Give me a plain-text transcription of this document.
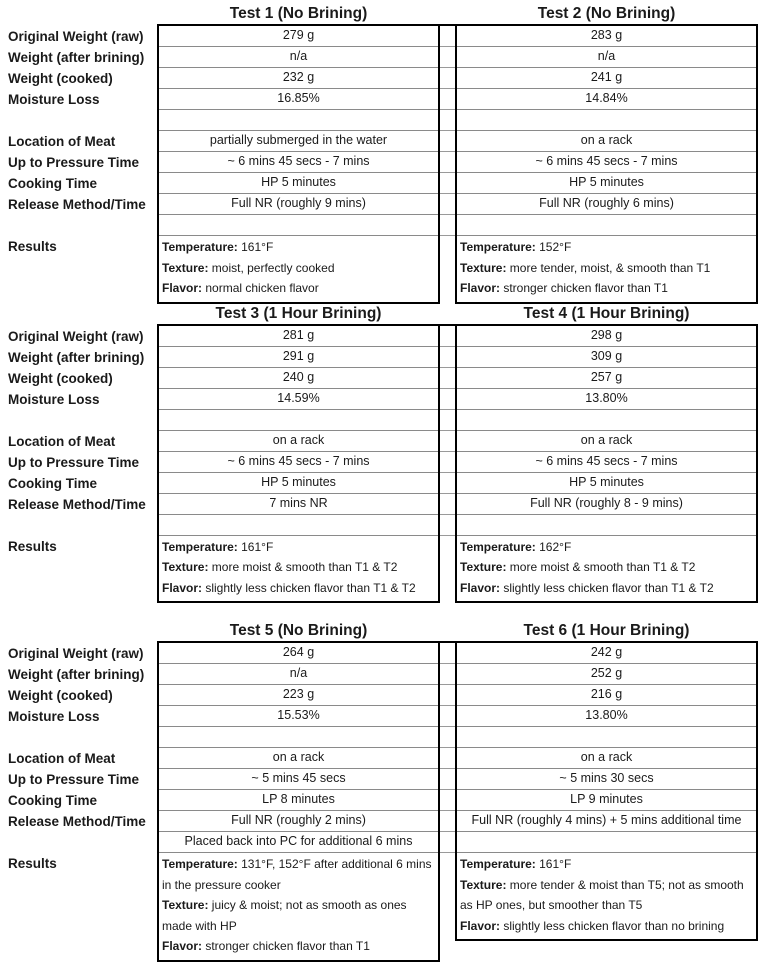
Original Weight (raw)
Weight (after brining)
Weight (cooked)
Moisture Loss
Location of Meat
Up to Pressure Time
Cooking Time
Release Method/Time
Results
Test 1 (No Brining)
279 g
n/a
232 g
16.85%
partially submerged in the water
~ 6 mins 45 secs - 7 mins
HP 5 minutes
Full NR (roughly 9 mins)
Temperature: 161°F
Texture: moist, perfectly cooked
Flavor: normal chicken flavor
Test 2 (No Brining)
283 g
n/a
241 g
14.84%
on a rack
~ 6 mins 45 secs - 7 mins
HP 5 minutes
Full NR (roughly 6 mins)
Temperature: 152°F
Texture: more tender, moist, & smooth than T1
Flavor: stronger chicken flavor than T1
Original Weight (raw)
Weight (after brining)
Weight (cooked)
Moisture Loss
Location of Meat
Up to Pressure Time
Cooking Time
Release Method/Time
Results
Test 3 (1 Hour Brining)
281 g
291 g
240 g
14.59%
on a rack
~ 6 mins 45 secs - 7 mins
HP 5 minutes
7 mins NR
Temperature: 161°F
Texture: more moist & smooth than T1 & T2
Flavor: slightly less chicken flavor than T1 & T2
Test 4 (1 Hour Brining)
298 g
309 g
257 g
13.80%
on a rack
~ 6 mins 45 secs - 7 mins
HP 5 minutes
Full NR (roughly 8 - 9 mins)
Temperature: 162°F
Texture: more moist & smooth than T1 & T2
Flavor: slightly less chicken flavor than T1 & T2
Original Weight (raw)
Weight (after brining)
Weight (cooked)
Moisture Loss
Location of Meat
Up to Pressure Time
Cooking Time
Release Method/Time
Results
Test 5 (No Brining)
264 g
n/a
223 g
15.53%
on a rack
~ 5 mins 45 secs
LP 8 minutes
Full NR (roughly 2 mins)
Placed back into PC for additional 6 mins
Temperature: 131°F, 152°F after additional 6 mins in the pressure cooker
Texture: juicy & moist; not as smooth as ones made with HP
Flavor: stronger chicken flavor than T1
Test 6 (1 Hour Brining)
242 g
252 g
216 g
13.80%
on a rack
~ 5 mins 30 secs
LP 9 minutes
Full NR (roughly 4 mins) + 5 mins additional time
Temperature: 161°F
Texture: more tender & moist than T5; not as smooth as HP ones, but smoother than T5
Flavor: slightly less chicken flavor than no brining
